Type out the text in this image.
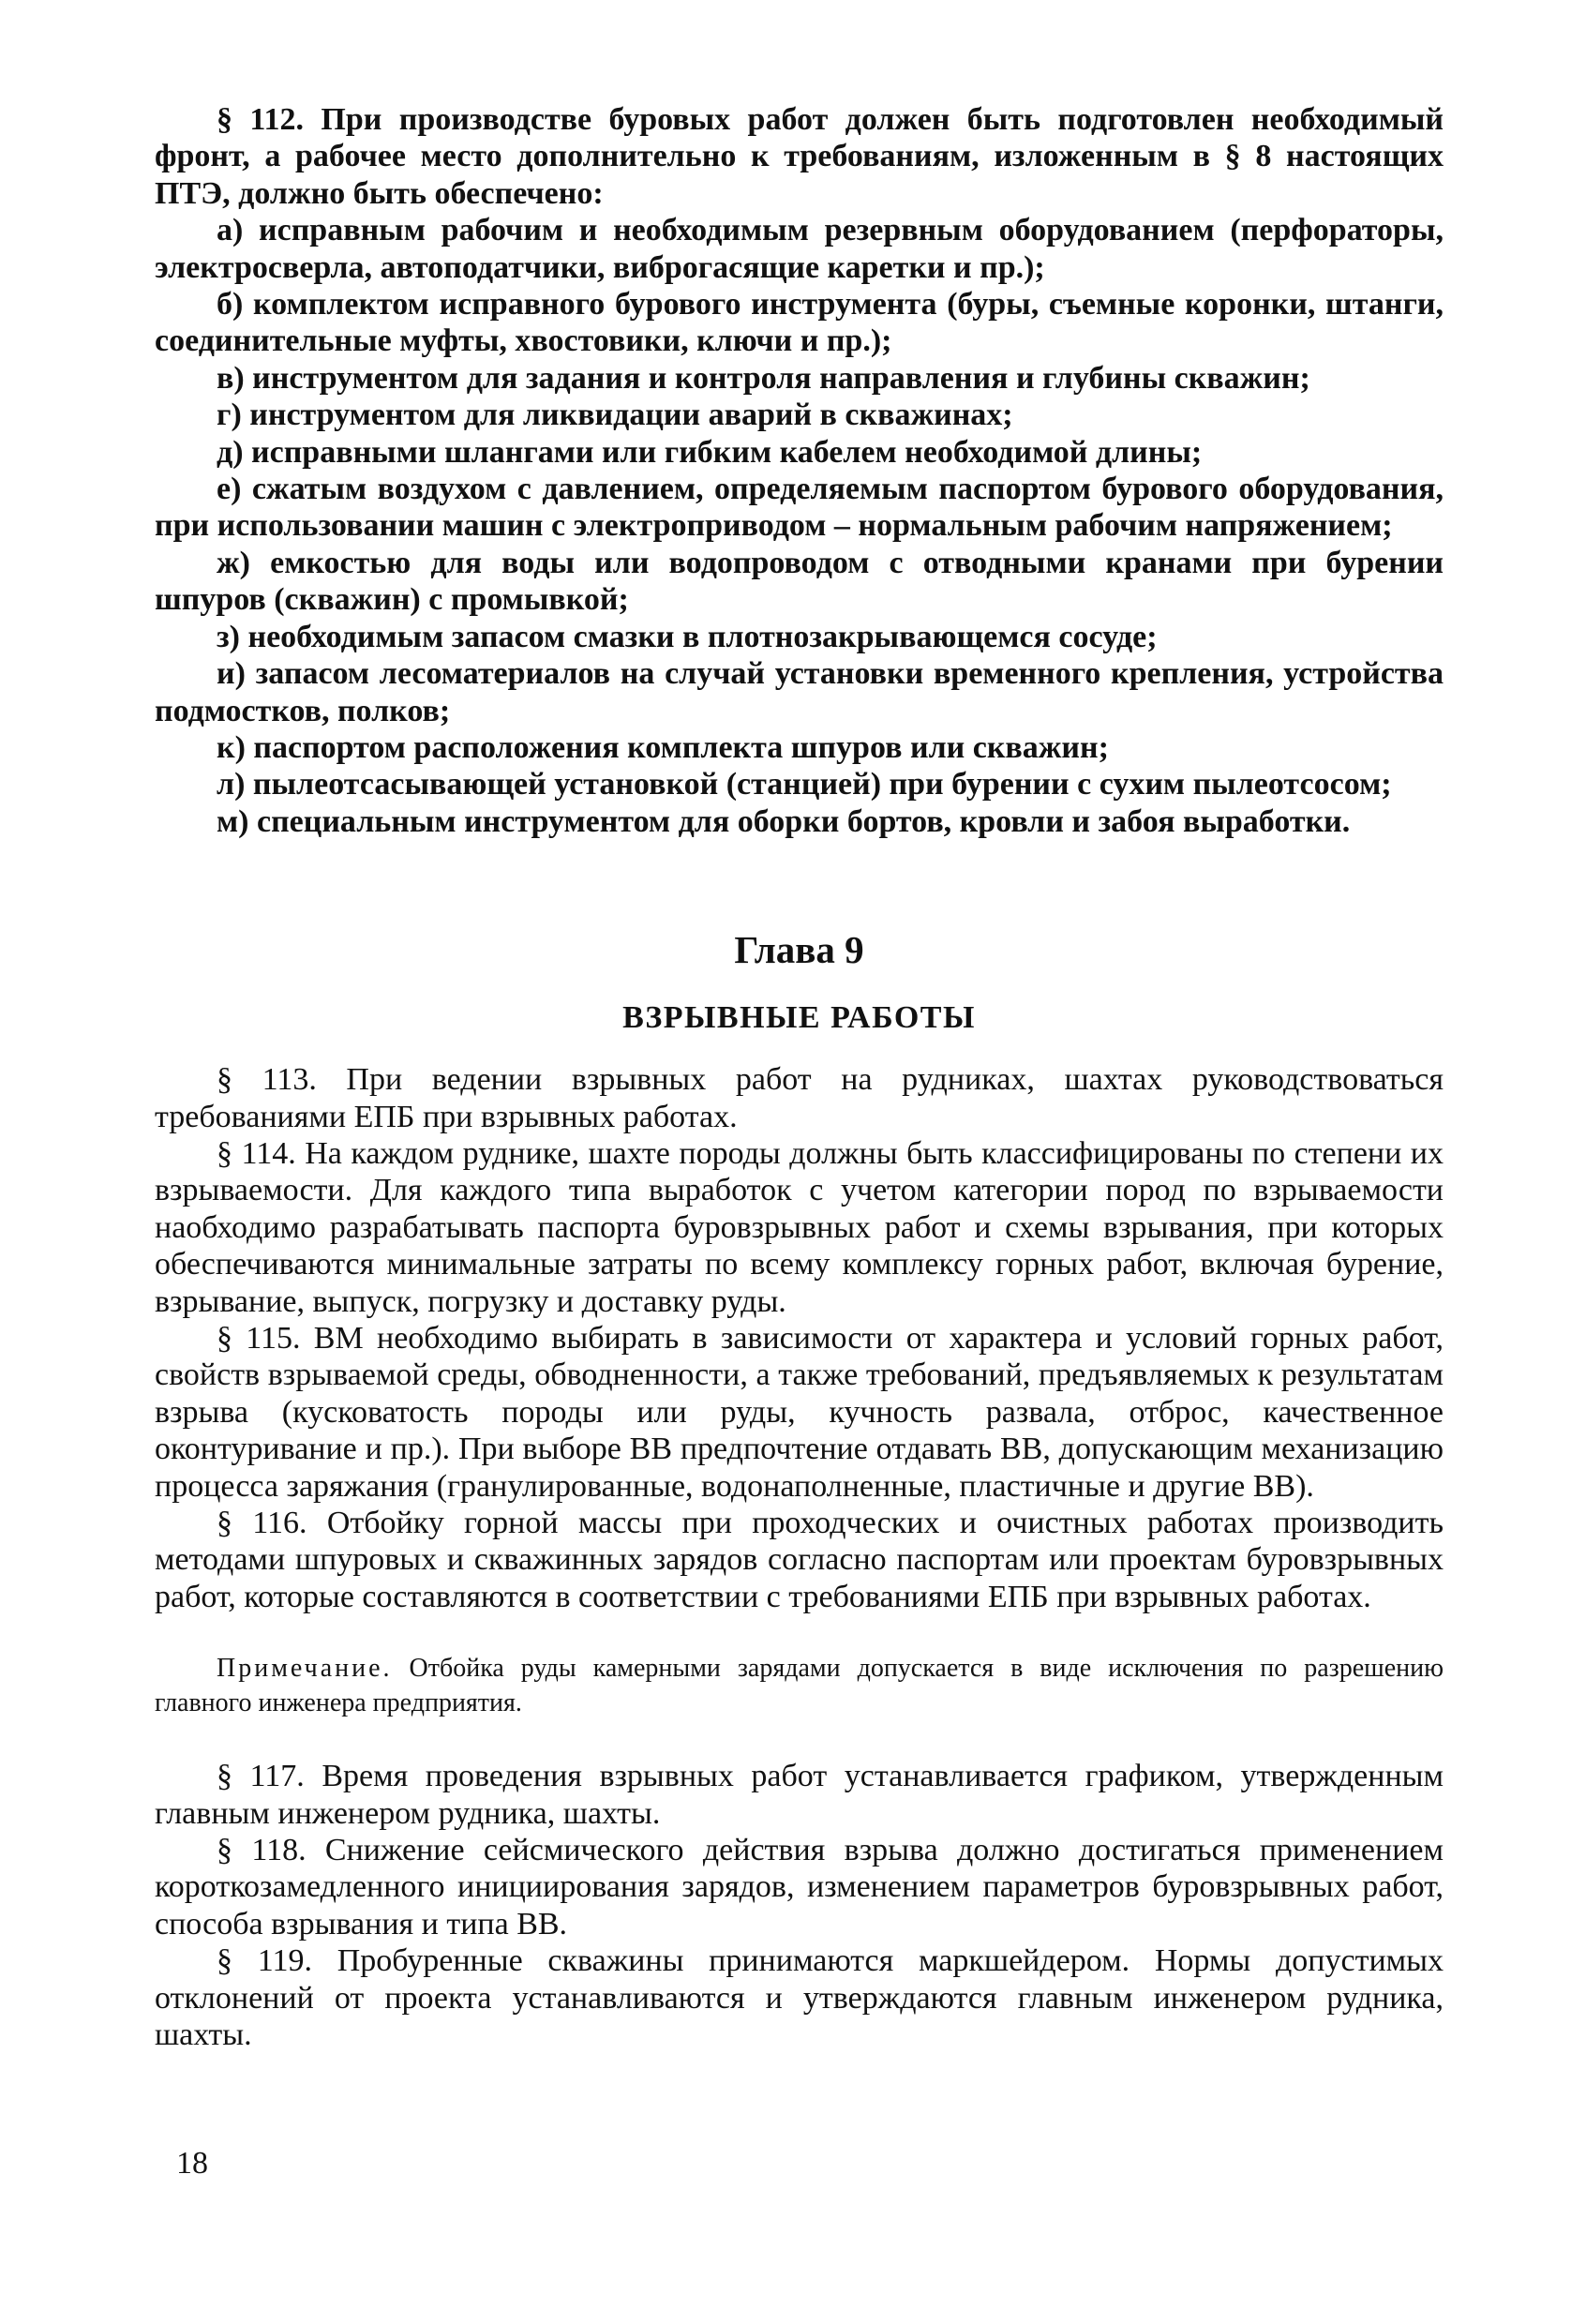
§ 112. При производстве буровых работ должен быть подготовлен необходимый фронт, а рабочее место дополнительно к требованиям, изложенным в § 8 настоящих ПТЭ, должно быть обеспечено:

а) исправным рабочим и необходимым резервным оборудованием (перфораторы, электросверла, автоподатчики, виброгасящие каретки и пр.);

б) комплектом исправного бурового инструмента (буры, съемные коронки, штанги, соединительные муфты, хвостовики, ключи и пр.);

в) инструментом для задания и контроля направления и глубины скважин;

г) инструментом для ликвидации аварий в скважинах;

д) исправными шлангами или гибким кабелем необходимой длины;

е) сжатым воздухом с давлением, определяемым паспортом бурового оборудования, при использовании машин с электроприводом – нормальным рабочим напряжением;

ж) емкостью для воды или водопроводом с отводными кранами при бурении шпуров (скважин) с промывкой;

з) необходимым запасом смазки в плотнозакрывающемся сосуде;

и) запасом лесоматериалов на случай установки временного крепления, устройства подмостков, полков;

к) паспортом расположения комплекта шпуров или скважин;

л) пылеотсасывающей установкой (станцией) при бурении с сухим пылеотсосом;

м) специальным инструментом для оборки бортов, кровли и забоя выработки.

Глава 9
ВЗРЫВНЫЕ РАБОТЫ

§ 113. При ведении взрывных работ на рудниках, шахтах руководствоваться требованиями ЕПБ при взрывных работах.

§ 114. На каждом руднике, шахте породы должны быть классифицированы по степени их взрываемости. Для каждого типа выработок с учетом категории пород по взрываемости наобходимо разрабатывать паспорта буровзрывных работ и схемы взрывания, при которых обеспечиваются минимальные затраты по всему комплексу горных работ, включая бурение, взрывание, выпуск, погрузку и доставку руды.

§ 115. ВМ необходимо выбирать в зависимости от характера и условий горных работ, свойств взрываемой среды, обводненности, а также требований, предъявляемых к результатам взрыва (кусковатость породы или руды, кучность развала, отброс, качественное оконтуривание и пр.). При выборе ВВ предпочтение отдавать ВВ, допускающим механизацию процесса заряжания (гранулированные, водонаполненные, пластичные и другие ВВ).

§ 116. Отбойку горной массы при проходческих и очистных работах производить методами шпуровых и скважинных зарядов согласно паспортам или проектам буровзрывных работ, которые составляются в соответствии с требованиями ЕПБ при взрывных работах.

Примечание. Отбойка руды камерными зарядами допускается в виде исключения по разрешению главного инженера предприятия.

§ 117. Время проведения взрывных работ устанавливается графиком, утвержденным главным инженером рудника, шахты.

§ 118. Снижение сейсмического действия взрыва должно достигаться применением короткозамедленного инициирования зарядов, изменением параметров буровзрывных работ, способа взрывания и типа ВВ.

§ 119. Пробуренные скважины принимаются маркшейдером. Нормы допустимых отклонений от проекта устанавливаются и утверждаются главным инженером рудника, шахты.

18
